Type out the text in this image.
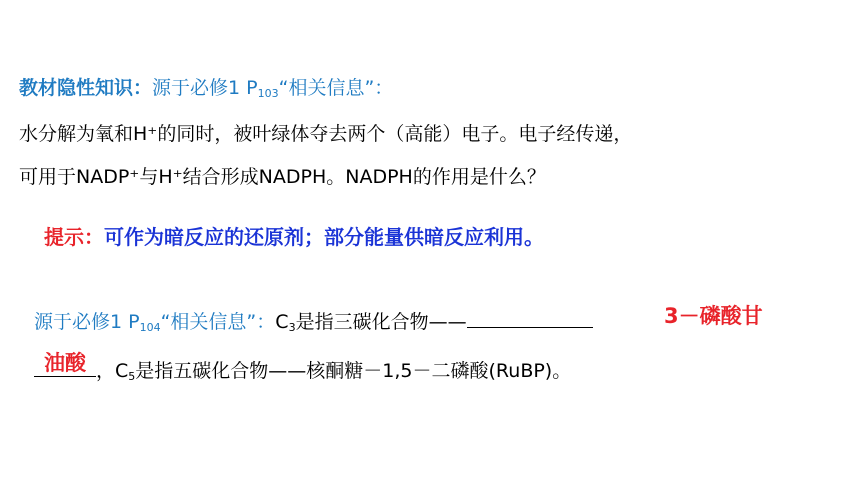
教材隐性知识：源于必修1 $P_{103}“$相关信息”：
水分解为氧和H⁺的同时，被叶绿体夺去两个（高能）电子。电子经传递，
可用于NADP⁺与H⁺结合形成NADPH。NADPH的作用是什么？
提示：可作为暗反应的还原剂；部分能量供暗反应利用。
源于必修1 $P_{104}“$相关信息”：$C_3$是指三碳化合物——	3－磷酸甘
油酸 ，$C_5$是指五碳化合物——核酮糖－1,5－二磷酸(RuBP)。
